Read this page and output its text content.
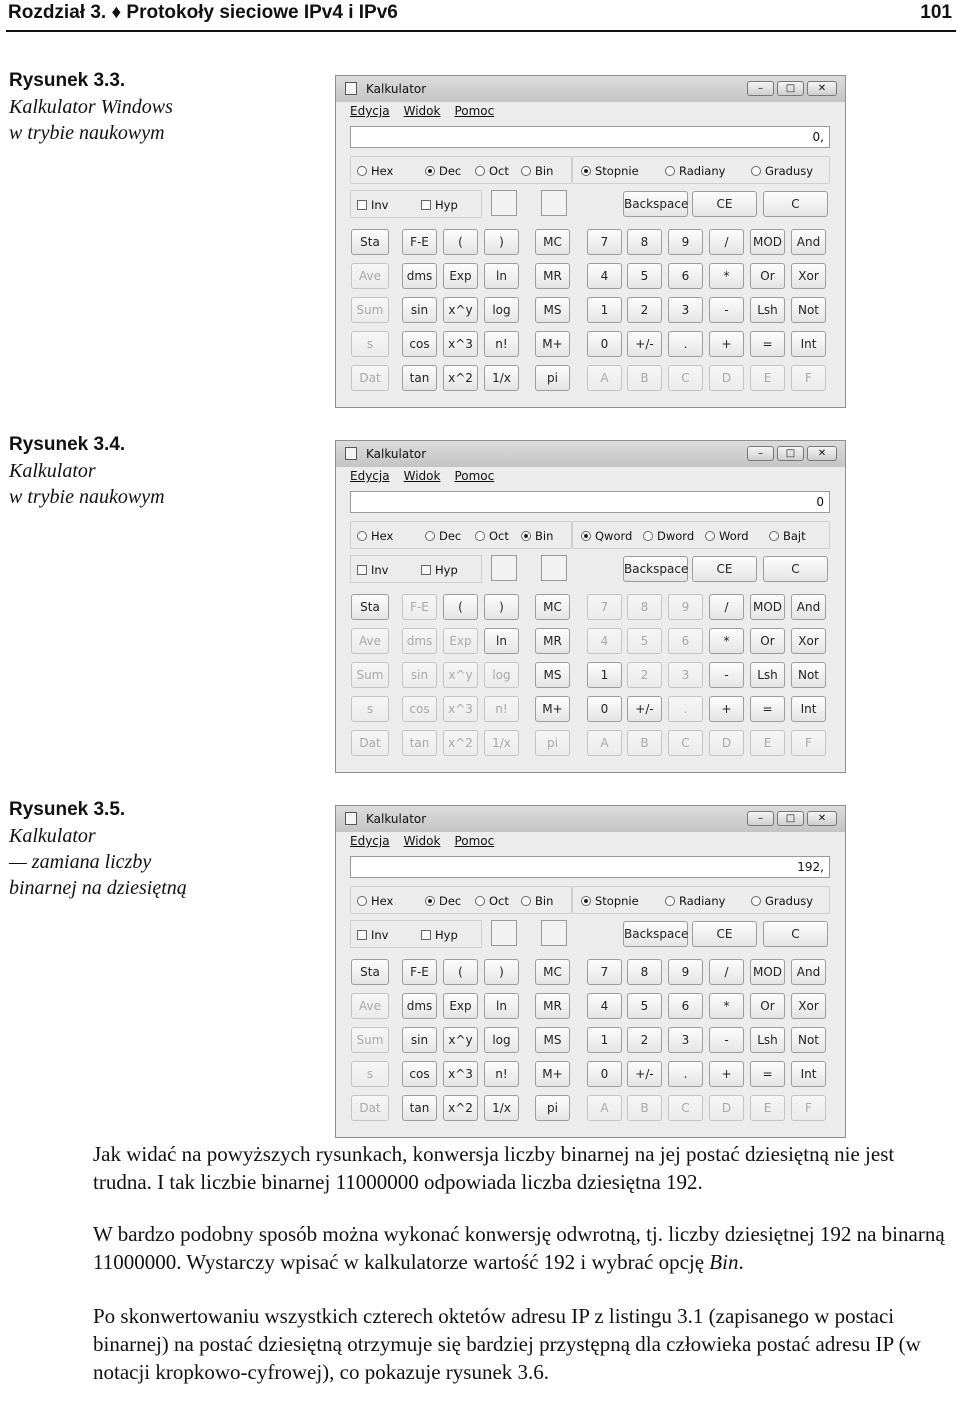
Rozdział 3. ♦ Protokoły sieciowe IPv4 i IPv6	101
Rysunek 3.3.
Kalkulator Windows
w trybie naukowym
Rysunek 3.4.
Kalkulator
w trybie naukowym
Rysunek 3.5.
Kalkulator
— zamiana liczby
binarnej na dziesiętną
Kalkulator	–	□	✕
Edycja Widok Pomoc
0,
Hex	Dec	Oct	Bin	Stopnie	Radiany	Gradusy
Inv	Hyp	Backspace	CE	C
Sta	F-E	(	)	MC	7	8	9	/	MOD	And
Ave	dms	Exp	ln	MR	4	5	6	*	Or	Xor
Sum	sin	x^y	log	MS	1	2	3	-	Lsh	Not
s	cos	x^3	n!	M+	0	+/-	.	+	=	Int
Dat	tan	x^2	1/x	pi	A	B	C	D	E	F
Kalkulator	–	□	✕
Edycja Widok Pomoc
0
Hex	Dec	Oct	Bin	Qword	Dword	Word	Bajt
Inv	Hyp	Backspace	CE	C
Sta	F-E	(	)	MC	7	8	9	/	MOD	And
Ave	dms	Exp	ln	MR	4	5	6	*	Or	Xor
Sum	sin	x^y	log	MS	1	2	3	-	Lsh	Not
s	cos	x^3	n!	M+	0	+/-	.	+	=	Int
Dat	tan	x^2	1/x	pi	A	B	C	D	E	F
Kalkulator	–	□	✕
Edycja Widok Pomoc
192,
Hex	Dec	Oct	Bin	Stopnie	Radiany	Gradusy
Inv	Hyp	Backspace	CE	C
Sta	F-E	(	)	MC	7	8	9	/	MOD	And
Ave	dms	Exp	ln	MR	4	5	6	*	Or	Xor
Sum	sin	x^y	log	MS	1	2	3	-	Lsh	Not
s	cos	x^3	n!	M+	0	+/-	.	+	=	Int
Dat	tan	x^2	1/x	pi	A	B	C	D	E	F

Jak widać na powyższych rysunkach, konwersja liczby binarnej na jej postać dziesiętną nie jest trudna. I tak liczbie binarnej 11000000 odpowiada liczba dziesiętna 192.

W bardzo podobny sposób można wykonać konwersję odwrotną, tj. liczby dziesiętnej 192 na binarną 11000000. Wystarczy wpisać w kalkulatorze wartość 192 i wybrać opcję Bin.

Po skonwertowaniu wszystkich czterech oktetów adresu IP z listingu 3.1 (zapisanego w postaci binarnej) na postać dziesiętną otrzymuje się bardziej przystępną dla człowieka postać adresu IP (w notacji kropkowo-cyfrowej), co pokazuje rysunek 3.6.
